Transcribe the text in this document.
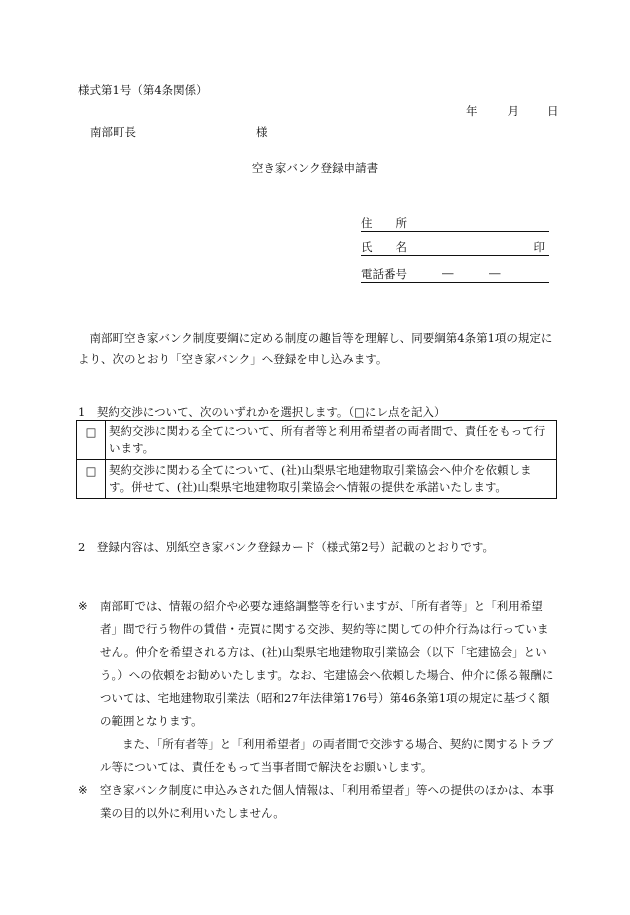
様式第1号（第4条関係）
年	月 日
南部町長	様
空き家バンク登録申請書
住　　所
氏　　名	印
電話番号	―	―

南部町空き家バンク制度要綱に定める制度の趣旨等を理解し、同要綱第4条第1項の規定により、次のとおり「空き家バンク」へ登録を申し込みます。

1　契約交渉について、次のいずれかを選択します。（□にレ点を記入）
□	契約交渉に関わる全てについて、所有者等と利用希望者の両者間で、責任をもって行います。
□	契約交渉に関わる全てについて、(社)山梨県宅地建物取引業協会へ仲介を依頼します。併せて、(社)山梨県宅地建物取引業協会へ情報の提供を承諾いたします。
2　登録内容は、別紙空き家バンク登録カード（様式第2号）記載のとおりです。

※ 南部町では、情報の紹介や必要な連絡調整等を行いますが、「所有者等」と「利用希望者」間で行う物件の賃借・売買に関する交渉、契約等に関しての仲介行為は行っていません。仲介を希望される方は、(社)山梨県宅地建物取引業協会（以下「宅建協会」という。）への依頼をお勧めいたします。なお、宅建協会へ依頼した場合、仲介に係る報酬については、宅地建物取引業法（昭和27年法律第176号）第46条第1項の規定に基づく額の範囲となります。

また、「所有者等」と「利用希望者」の両者間で交渉する場合、契約に関するトラブル等については、責任をもって当事者間で解決をお願いします。

※ 空き家バンク制度に申込みされた個人情報は、「利用希望者」等への提供のほかは、本事業の目的以外に利用いたしません。
